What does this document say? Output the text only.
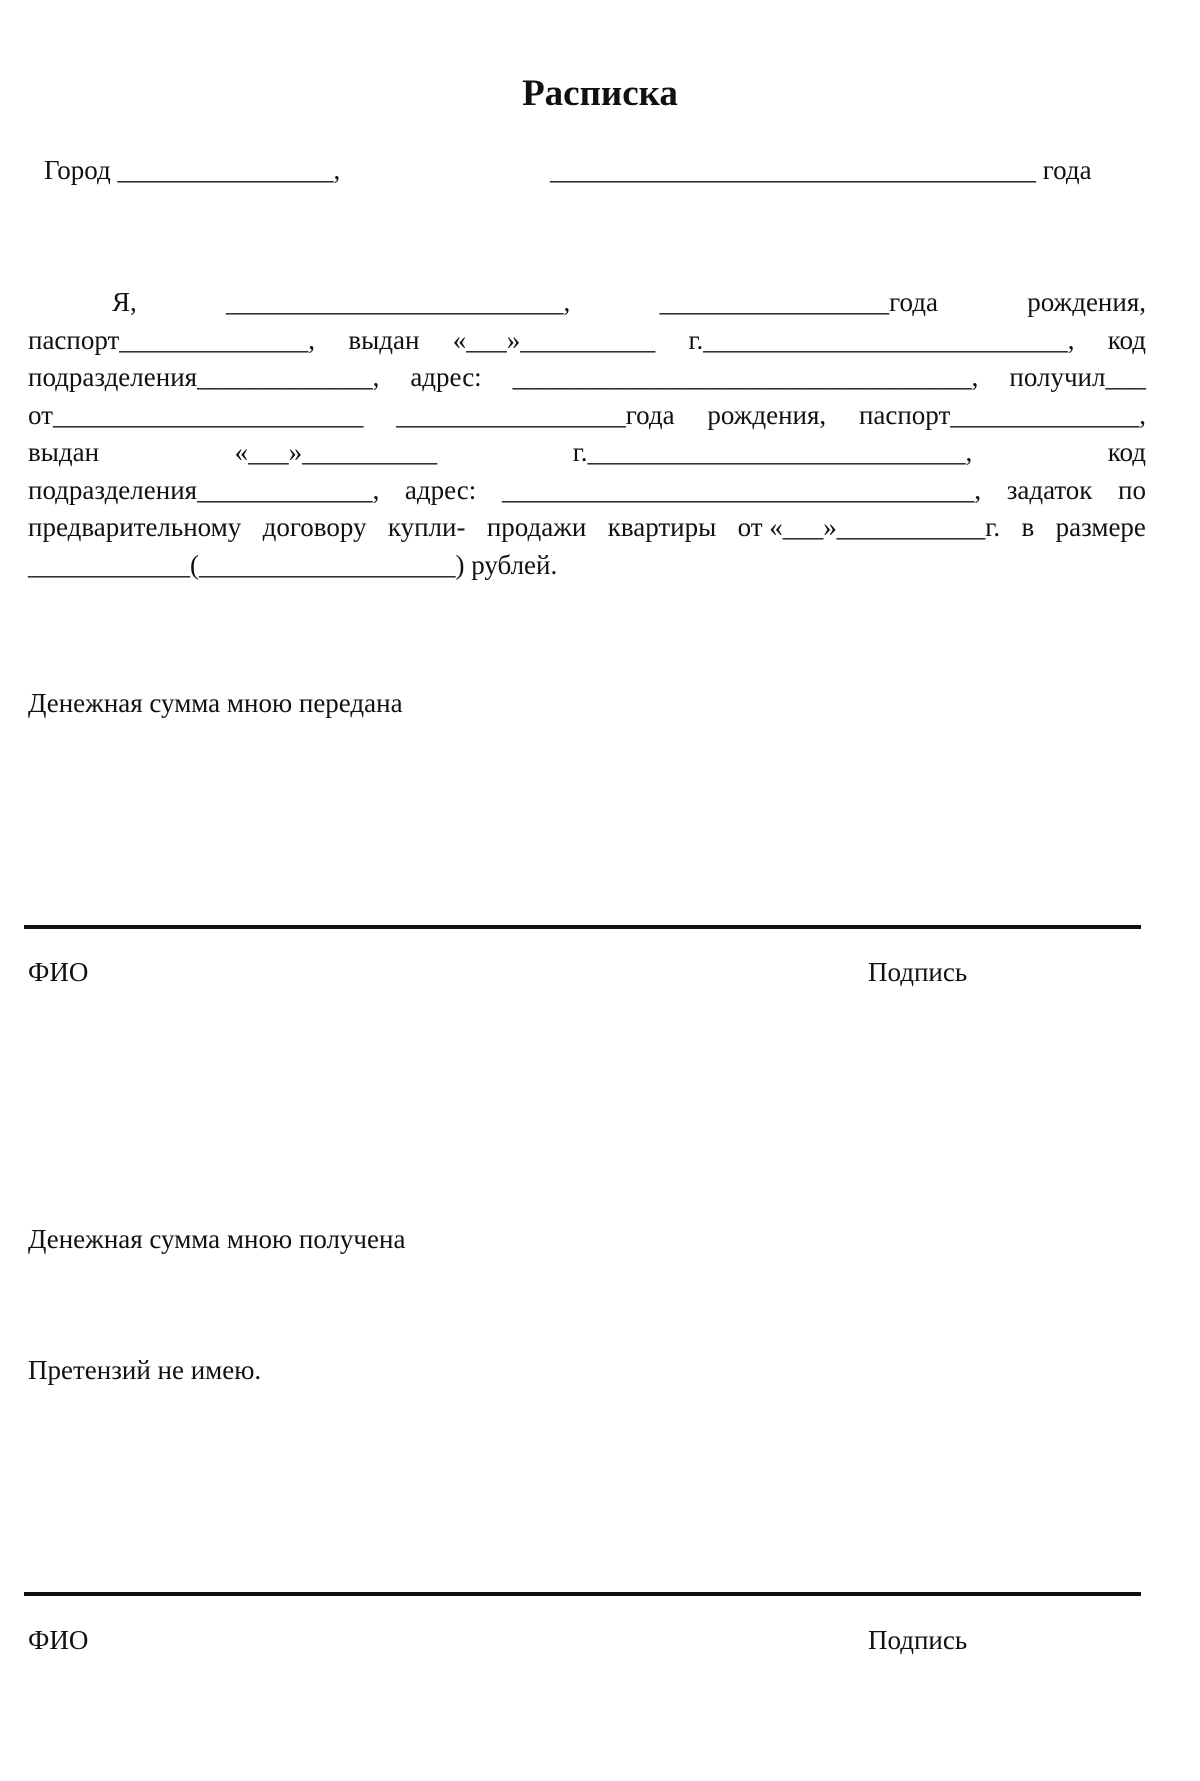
Расписка
Город ________________,	____________________________________ года
Я,	_________________________,	_________________года	рождения,
паспорт______________, выдан «___»__________ г.___________________________, код
подразделения_____________, адрес: __________________________________, получил___
от_______________________ _________________года рождения, паспорт______________,
выдан	«___»__________	г.____________________________,	код
подразделения_____________, адрес: ___________________________________, задаток по
предварительному договору купли- продажи квартиры от «___»___________г. в размере
____________(___________________) рублей.
Денежная сумма мною передана
ФИО	Подпись
Денежная сумма мною получена
Претензий не имею.
ФИО	Подпись
